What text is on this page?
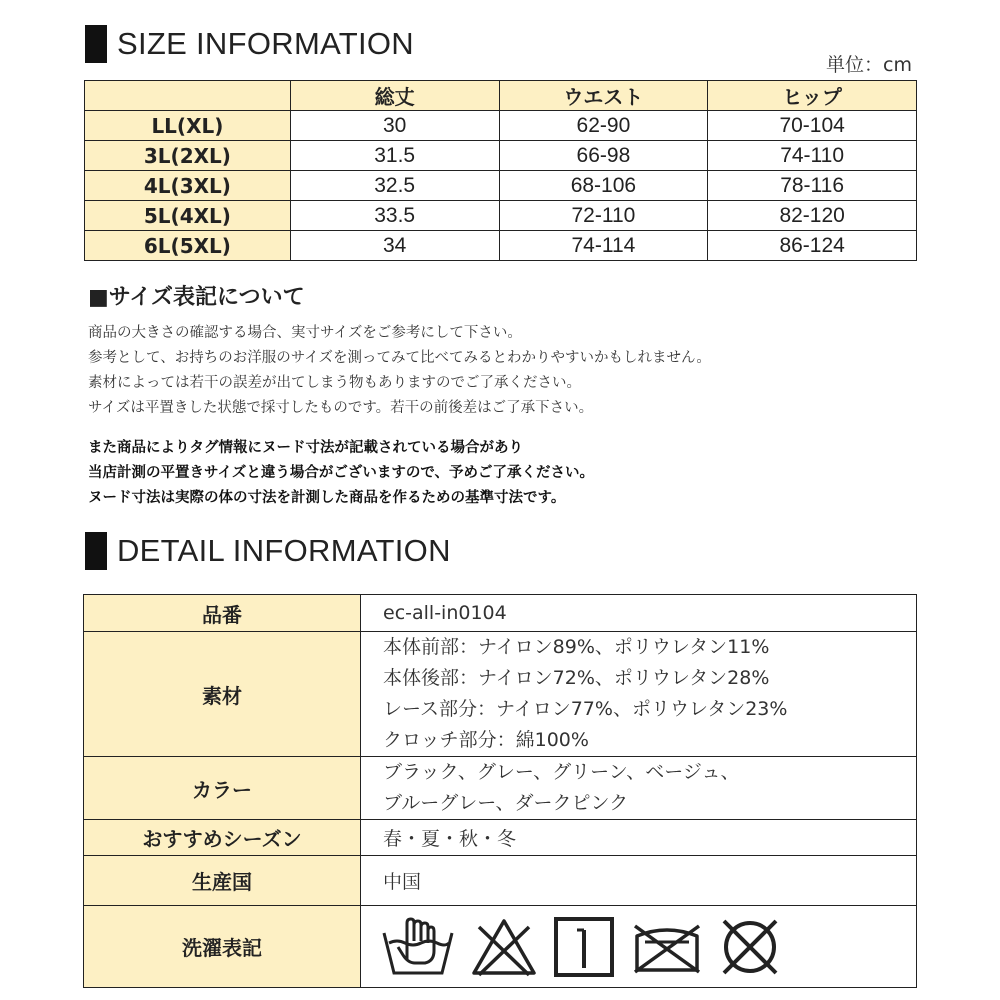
SIZE INFORMATION
単位：cm
	総丈	ウエスト	ヒップ
LL(XL)	30	62-90	70-104
3L(2XL)	31.5	66-98	74-110
4L(3XL)	32.5	68-106	78-116
5L(4XL)	33.5	72-110	82-120
6L(5XL)	34	74-114	86-124
■サイズ表記について
商品の大きさの確認する場合、実寸サイズをご参考にして下さい。
参考として、お持ちのお洋服のサイズを測ってみて比べてみるとわかりやすいかもしれません。
素材によっては若干の誤差が出てしまう物もありますのでご了承ください。
サイズは平置きした状態で採寸したものです。若干の前後差はご了承下さい。
また商品によりタグ情報にヌード寸法が記載されている場合があり
当店計測の平置きサイズと違う場合がございますので、予めご了承ください。
ヌード寸法は実際の体の寸法を計測した商品を作るための基準寸法です。
DETAIL INFORMATION
品番	ec-all-in0104
素材	本体前部：ナイロン89%、ポリウレタン11%
本体後部：ナイロン72%、ポリウレタン28%
レース部分：ナイロン77%、ポリウレタン23%
クロッチ部分：綿100%

カラー	ブラック、グレー、グリーン、ベージュ、
ブルーグレー、ダークピンク

おすすめシーズン	春・夏・秋・冬
生産国	中国
洗濯表記	
